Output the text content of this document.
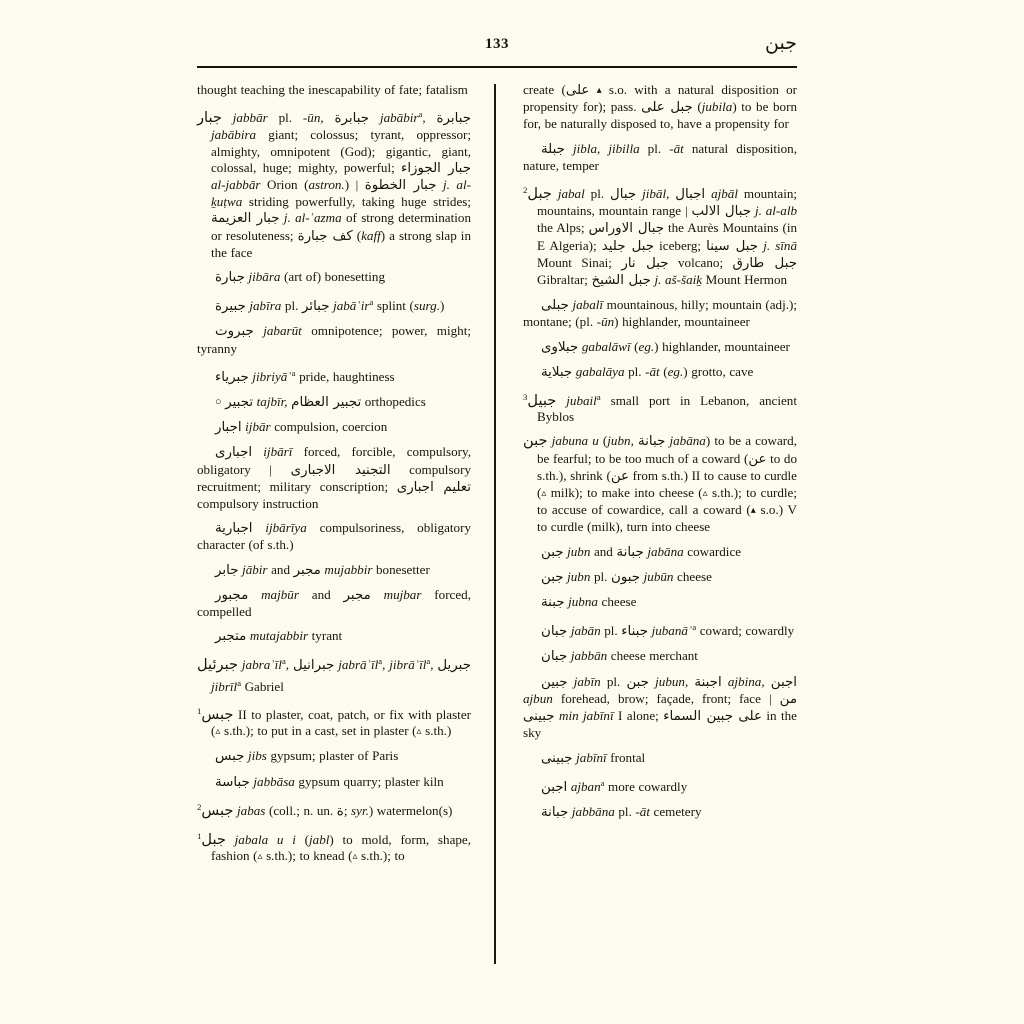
133	جبن

thought teaching the inescapability of fate; fatalism

جبار jabbār pl. -ūn, جبابرة jabābir$^a$, جبابرة jabābira giant; colossus; tyrant, oppressor; almighty, omnipotent (God); gigantic, giant, colossal, huge; mighty, powerful; جبار الجوزاء al-jabbār Orion (astron.) | جبار الخطوة j. al-ḵuṭwa striding powerfully, taking huge strides; جبار العزيمة j. al-ʿazma of strong determination or resoluteness; كف جبارة (kaff) a strong slap in the face

جبارة jibāra (art of) bonesetting

جبيرة jabīra pl. جبائر jabāʾir$^a$ splint (surg.)

جبروت jabarūt omnipotence; power, might; tyranny

جبرياء jibriyāʾ$^a$ pride, haughtiness

○ تجبير tajbīr, تجبير العظام orthopedics

اجبار ijbār compulsion, coercion

اجبارى ijbārī forced, forcible, compulsory, obligatory | التجنيد الاجبارى compulsory recruitment; military conscription; تعليم اجبارى compulsory instruction

اجبارية ijbārīya compulsoriness, obligatory character (of s.th.)

جابر jābir and مجبر mujabbir bonesetter

مجبور majbūr and مجبر mujbar forced, compelled

متجبر mutajabbir tyrant

جبرئيل jabraʾīl$^a$, جبرانيل jabrāʾīl$^a$, jibrāʾīl$^a$, جبريل jibrīl$^a$ Gabriel

$^1$جبس II to plaster, coat, patch, or fix with plaster (▵ s.th.); to put in a cast, set in plaster (▵ s.th.)

جبس jibs gypsum; plaster of Paris

جباسة jabbāsa gypsum quarry; plaster kiln

$^2$جبس jabas (coll.; n. un. ة; syr.) watermelon(s)

$^1$جبل jabala u i (jabl) to mold, form, shape, fashion (▵ s.th.); to knead (▵ s.th.); to

create (على ▴ s.o. with a natural disposition or propensity for); pass. جبل على (jubila) to be born for, be naturally disposed to, have a propensity for

جبلة jibla, jibilla pl. -āt natural disposition, nature, temper

$^2$جبل jabal pl. جبال jibāl, اجبال ajbāl mountain; mountains, mountain range | جبال الالب j. al-alb the Alps; جبال الاوراس the Aurès Mountains (in E Algeria); جبل جليد iceberg; جبل سينا j. sīnā Mount Sinai; جبل نار volcano; جبل طارق Gibraltar; جبل الشيخ j. aš-šaiḵ Mount Hermon

جبلى jabalī mountainous, hilly; mountain (adj.); montane; (pl. -ūn) highlander, mountaineer

جبلاوى gabalāwī (eg.) highlander, mountaineer

جبلاية gabalāya pl. -āt (eg.) grotto, cave

$^3$جبيل jubail$^a$ small port in Lebanon, ancient Byblos

جبن jabuna u (jubn, جبانة jabāna) to be a coward, be fearful; to be too much of a coward (عن to do s.th.), shrink (عن from s.th.) II to cause to curdle (▵ milk); to make into cheese (▵ s.th.); to curdle; to accuse of cowardice, call a coward (▴ s.o.) V to curdle (milk), turn into cheese

جبن jubn and جبانة jabāna cowardice

جبن jubn pl. جبون jubūn cheese

جبنة jubna cheese

جبان jabān pl. جبناء jubanāʾ$^a$ coward; cowardly

جبان jabbān cheese merchant

جبين jabīn pl. جبن jubun, اجبنة ajbina, اجبن ajbun forehead, brow; façade, front; face | من جبينى min jabīnī I alone; على جبين السماء in the sky

جبينى jabīnī frontal

اجبن ajban$^a$ more cowardly

جبانة jabbāna pl. -āt cemetery
